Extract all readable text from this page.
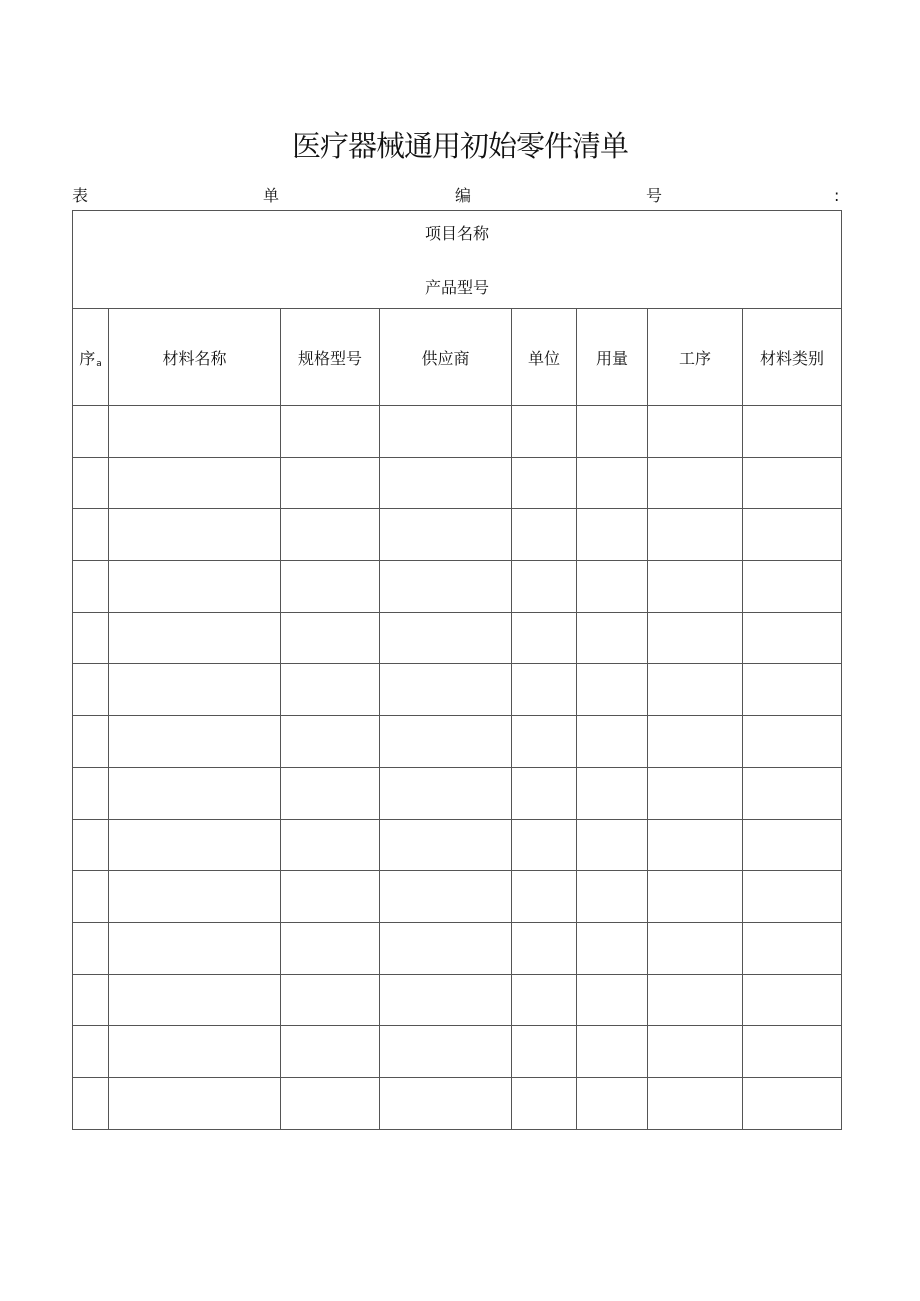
医疗器械通用初始零件清单
表	单	编	号	:
项目名称
产品型号							

序a	材料名称	规格型号	供应商	单位	用量	工序	材料类别
